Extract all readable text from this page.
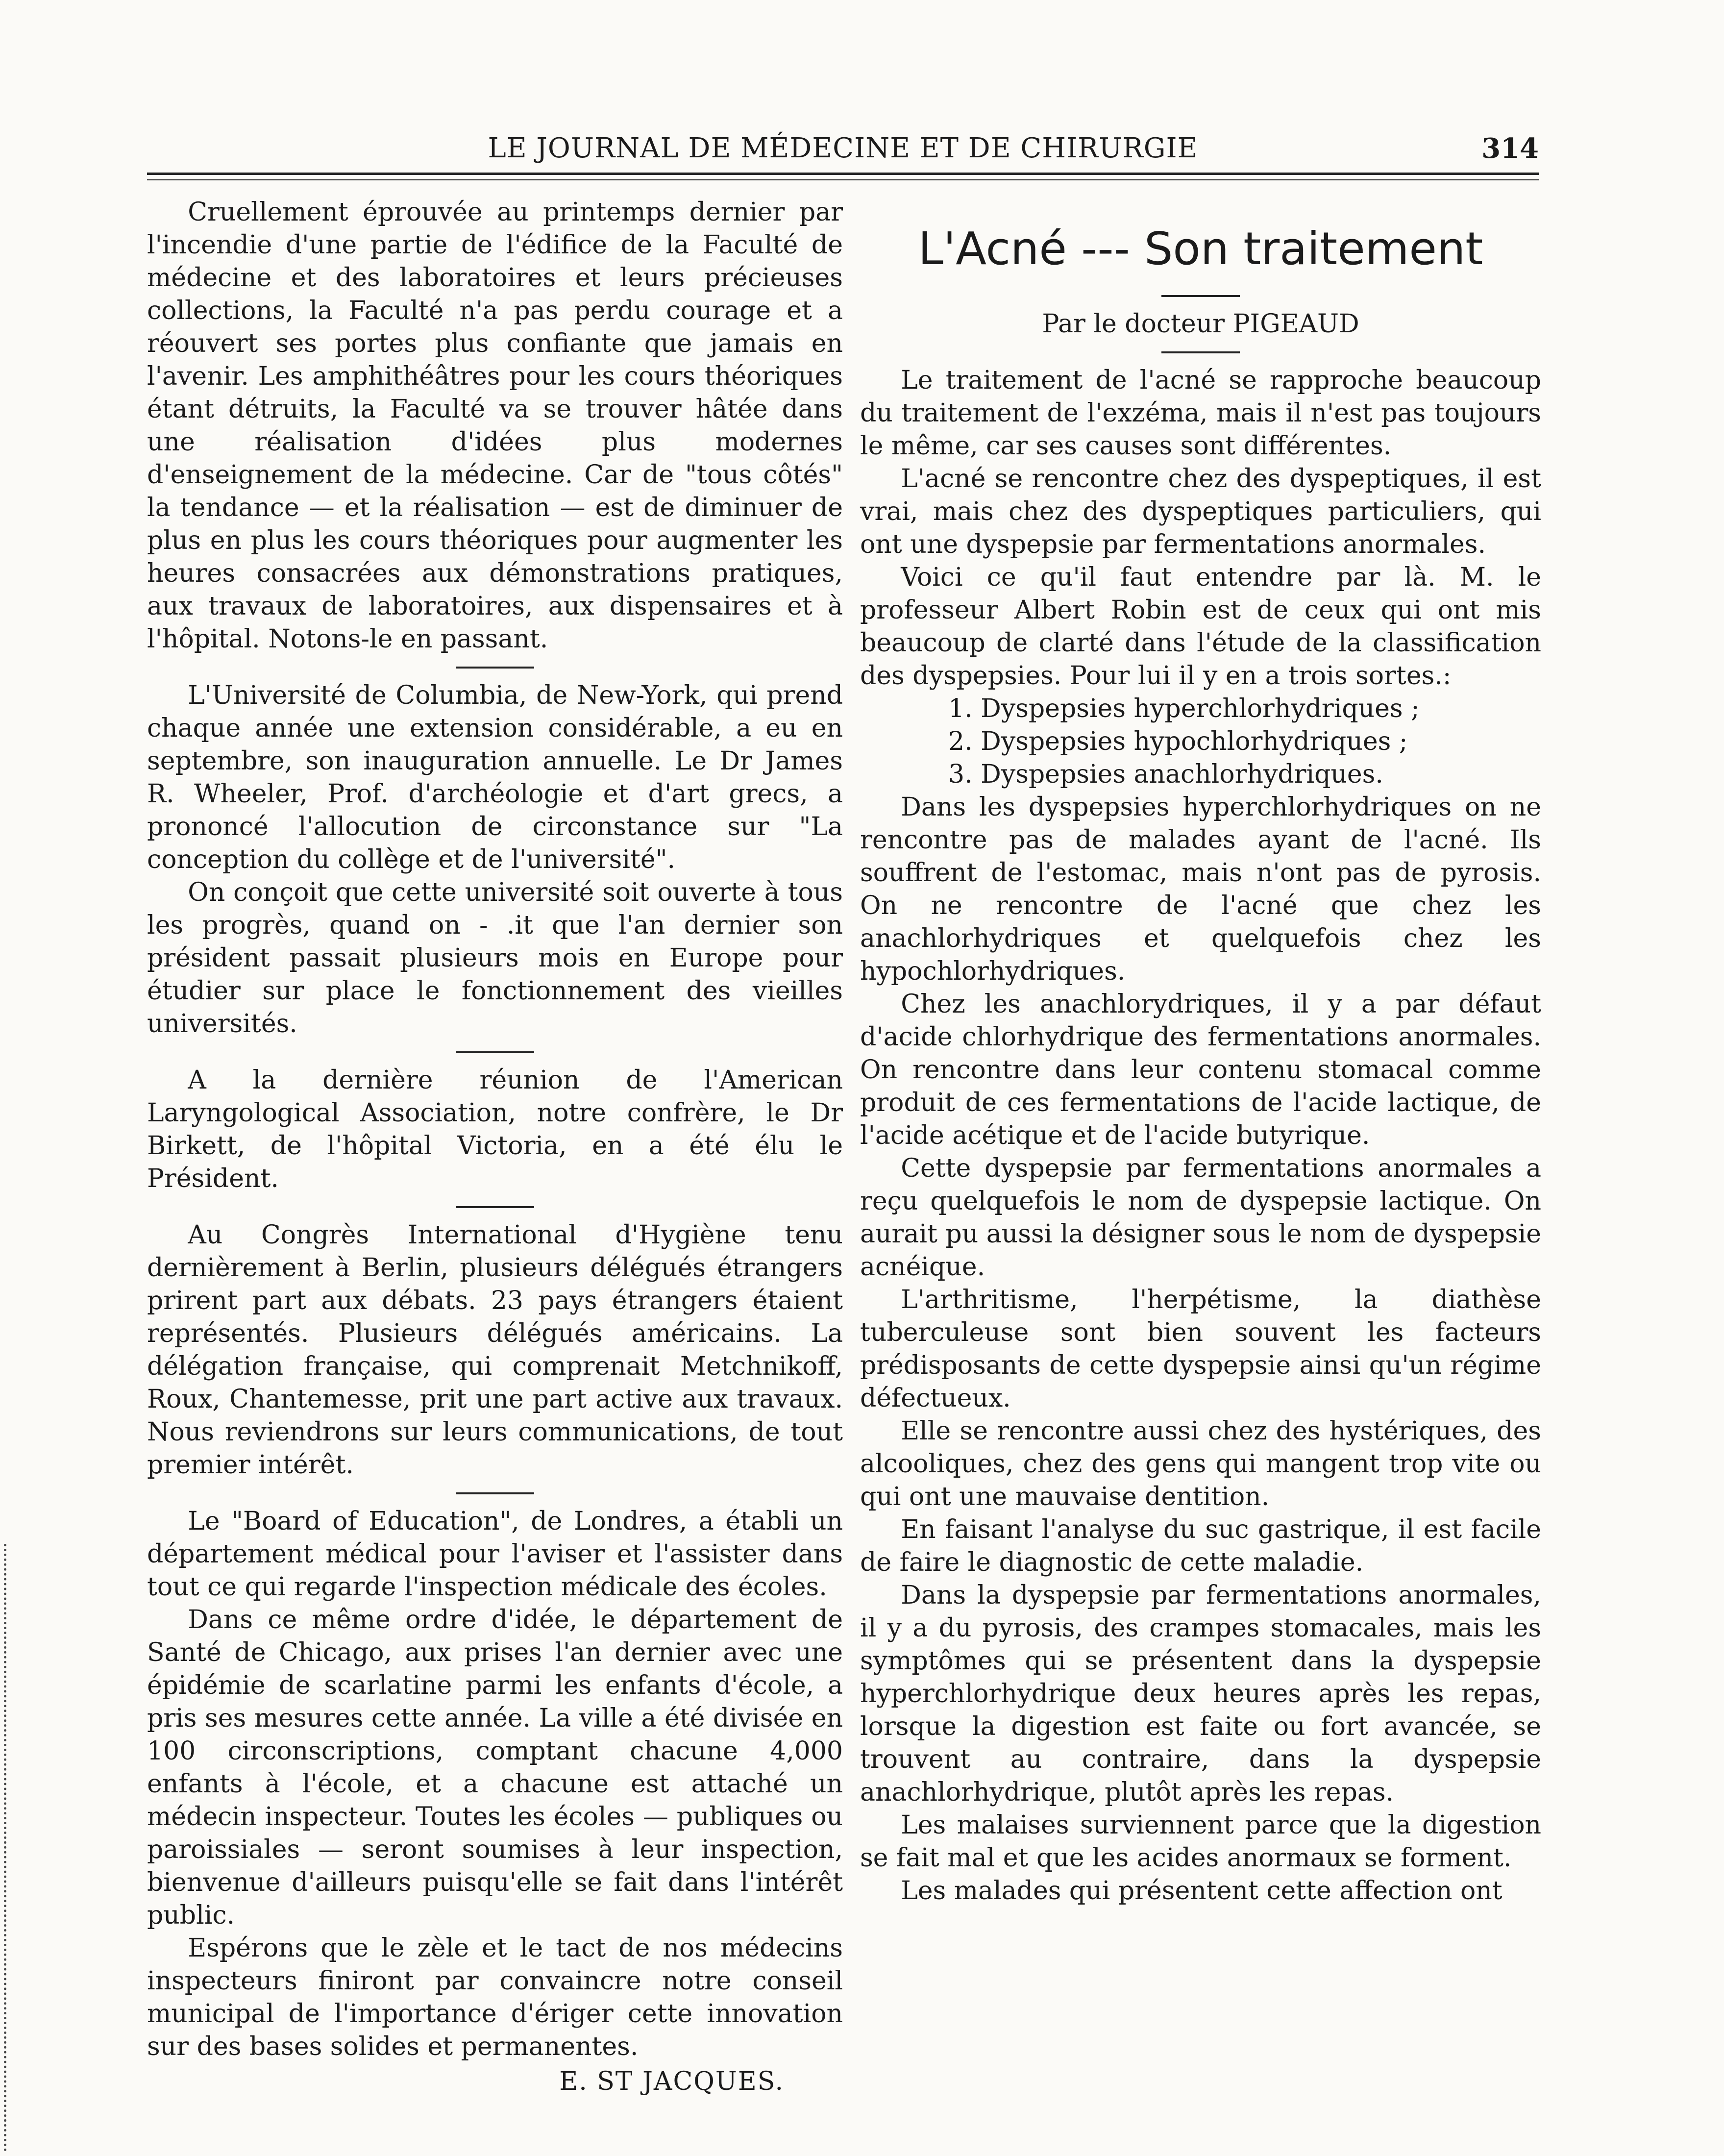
LE JOURNAL DE MÉDECINE ET DE CHIRURGIE	314

Cruellement éprouvée au printemps dernier par l'incendie d'une partie de l'édifice de la Faculté de médecine et des laboratoires et leurs précieuses collections, la Faculté n'a pas perdu courage et a réouvert ses portes plus confiante que jamais en l'avenir. Les amphithéâtres pour les cours théoriques étant détruits, la Faculté va se trouver hâtée dans une réalisation d'idées plus modernes d'enseignement de la médecine. Car de "tous côtés" la tendance — et la réalisation — est de diminuer de plus en plus les cours théoriques pour augmenter les heures consacrées aux démonstrations pratiques, aux travaux de laboratoires, aux dispensaires et à l'hôpital. Notons-le en passant.

L'Université de Columbia, de New-York, qui prend chaque année une extension considérable, a eu en septembre, son inauguration annuelle. Le Dr James R. Wheeler, Prof. d'archéologie et d'art grecs, a prononcé l'allocution de circonstance sur "La conception du collège et de l'université".

On conçoit que cette université soit ouverte à tous les progrès, quand on - .it que l'an dernier son président passait plusieurs mois en Europe pour étudier sur place le fonctionnement des vieilles universités.

A la dernière réunion de l'American Laryngological Association, notre confrère, le Dr Birkett, de l'hôpital Victoria, en a été élu le Président.

Au Congrès International d'Hygiène tenu dernièrement à Berlin, plusieurs délégués étrangers prirent part aux débats. 23 pays étrangers étaient représentés. Plusieurs délégués américains. La délégation française, qui comprenait Metchnikoff, Roux, Chantemesse, prit une part active aux travaux. Nous reviendrons sur leurs communications, de tout premier intérêt.

Le "Board of Education", de Londres, a établi un département médical pour l'aviser et l'assister dans tout ce qui regarde l'inspection médicale des écoles.

Dans ce même ordre d'idée, le département de Santé de Chicago, aux prises l'an dernier avec une épidémie de scarlatine parmi les enfants d'école, a pris ses mesures cette année. La ville a été divisée en 100 circonscriptions, comptant chacune 4,000 enfants à l'école, et a chacune est attaché un médecin inspecteur. Toutes les écoles — publiques ou paroissiales — seront soumises à leur inspection, bienvenue d'ailleurs puisqu'elle se fait dans l'intérêt public.

Espérons que le zèle et le tact de nos médecins inspecteurs finiront par convaincre notre conseil municipal de l'importance d'ériger cette innovation sur des bases solides et permanentes.

E. ST JACQUES.
L'Acné --- Son traitement
Par le docteur PIGEAUD

Le traitement de l'acné se rapproche beaucoup du traitement de l'exzéma, mais il n'est pas toujours le même, car ses causes sont différentes.

L'acné se rencontre chez des dyspeptiques, il est vrai, mais chez des dyspeptiques particuliers, qui ont une dyspepsie par fermentations anormales.

Voici ce qu'il faut entendre par là. M. le professeur Albert Robin est de ceux qui ont mis beaucoup de clarté dans l'étude de la classification des dyspepsies. Pour lui il y en a trois sortes.:

1. Dyspepsies hyperchlorhydriques ;
2. Dyspepsies hypochlorhydriques ;
3. Dyspepsies anachlorhydriques.

Dans les dyspepsies hyperchlorhydriques on ne rencontre pas de malades ayant de l'acné. Ils souffrent de l'estomac, mais n'ont pas de pyrosis. On ne rencontre de l'acné que chez les anachlorhydriques et quelquefois chez les hypochlorhydriques.

Chez les anachlorydriques, il y a par défaut d'acide chlorhydrique des fermentations anormales. On rencontre dans leur contenu stomacal comme produit de ces fermentations de l'acide lactique, de l'acide acétique et de l'acide butyrique.

Cette dyspepsie par fermentations anormales a reçu quelquefois le nom de dyspepsie lactique. On aurait pu aussi la désigner sous le nom de dyspepsie acnéique.

L'arthritisme, l'herpétisme, la diathèse tuberculeuse sont bien souvent les facteurs prédisposants de cette dyspepsie ainsi qu'un régime défectueux.

Elle se rencontre aussi chez des hystériques, des alcooliques, chez des gens qui mangent trop vite ou qui ont une mauvaise dentition.

En faisant l'analyse du suc gastrique, il est facile de faire le diagnostic de cette maladie.

Dans la dyspepsie par fermentations anormales, il y a du pyrosis, des crampes stomacales, mais les symptômes qui se présentent dans la dyspepsie hyperchlorhydrique deux heures après les repas, lorsque la digestion est faite ou fort avancée, se trouvent au contraire, dans la dyspepsie anachlorhydrique, plutôt après les repas.

Les malaises surviennent parce que la digestion se fait mal et que les acides anormaux se forment.

Les malades qui présentent cette affection ont
